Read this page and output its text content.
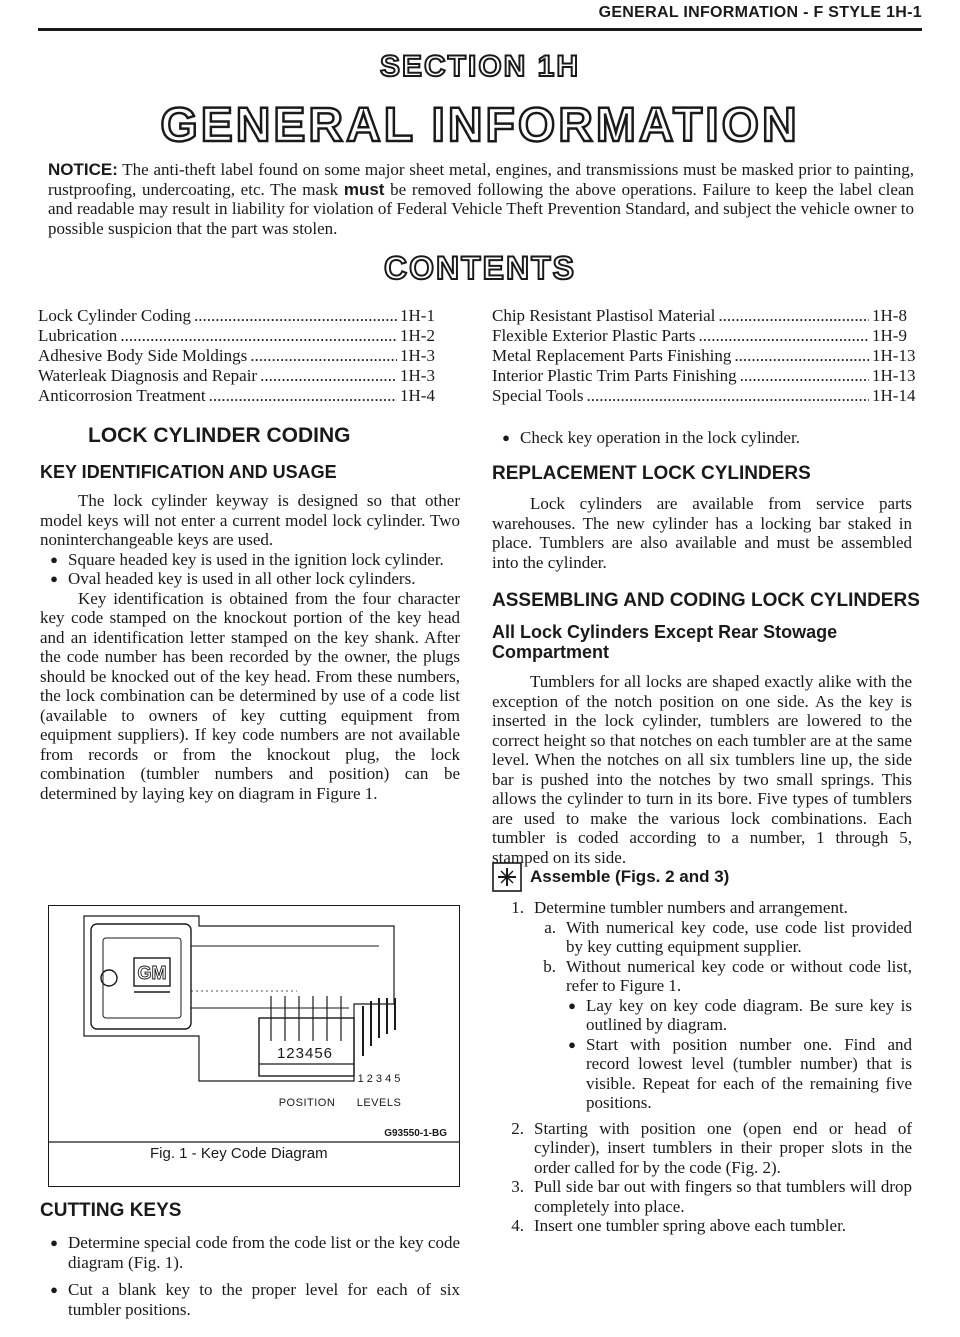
GENERAL INFORMATION - F STYLE 1H-1
SECTION 1H
GENERAL INFORMATION
NOTICE: The anti-theft label found on some major sheet metal, engines, and transmissions must be masked prior to painting, rustproofing, undercoating, etc. The mask must be removed following the above operations. Failure to keep the label clean and readable may result in liability for violation of Federal Vehicle Theft Prevention Standard, and subject the vehicle owner to possible suspicion that the part was stolen.
CONTENTS
Lock Cylinder Coding .....	1H-1
Lubrication .....	1H-2
Adhesive Body Side Moldings .....	1H-3
Waterleak Diagnosis and Repair .....	1H-3
Anticorrosion Treatment .....	1H-4
Chip Resistant Plastisol Material .....	1H-8
Flexible Exterior Plastic Parts .....	1H-9
Metal Replacement Parts Finishing .....	1H-13
Interior Plastic Trim Parts Finishing .....	1H-13
Special Tools .....	1H-14
LOCK CYLINDER CODING
KEY IDENTIFICATION AND USAGE

The lock cylinder keyway is designed so that other model keys will not enter a current model lock cylinder. Two noninterchangeable keys are used.

● Square headed key is used in the ignition lock cylinder.
● Oval headed key is used in all other lock cylinders.

Key identification is obtained from the four character key code stamped on the knockout portion of the key head and an identification letter stamped on the key shank. After the code number has been recorded by the owner, the plugs should be knocked out of the key head. From these numbers, the lock combination can be determined by use of a code list (available to owners of key cutting equipment from equipment suppliers). If key code numbers are not available from records or from the knockout plug, the lock combination (tumbler numbers and position) can be determined by laying key on diagram in Figure 1.

GM
123456
1 2 3 4 5
POSITION LEVELS
G93550-1-BG
Fig. 1 - Key Code Diagram
CUTTING KEYS
● Determine special code from the code list or the key code diagram (Fig. 1).
● Cut a blank key to the proper level for each of six tumbler positions.
● Check key operation in the lock cylinder.
REPLACEMENT LOCK CYLINDERS

Lock cylinders are available from service parts warehouses. The new cylinder has a locking bar staked in place. Tumblers are also available and must be assembled into the cylinder.

ASSEMBLING AND CODING LOCK CYLINDERS
All Lock Cylinders Except Rear Stowage Compartment

Tumblers for all locks are shaped exactly alike with the exception of the notch position on one side. As the key is inserted in the lock cylinder, tumblers are lowered to the correct height so that notches on each tumbler are at the same level. When the notches on all six tumblers line up, the side bar is pushed into the notches by two small springs. This allows the cylinder to turn in its bore. Five types of tumblers are used to make the various lock combinations. Each tumbler is coded according to a number, 1 through 5, stamped on its side.

Assemble (Figs. 2 and 3)
1. Determine tumbler numbers and arrangement.
a. With numerical key code, use code list provided by key cutting equipment supplier.
b. Without numerical key code or without code list, refer to Figure 1.
● Lay key on key code diagram. Be sure key is outlined by diagram.
● Start with position number one. Find and record lowest level (tumbler number) that is visible. Repeat for each of the remaining five positions.
2. Starting with position one (open end or head of cylinder), insert tumblers in their proper slots in the order called for by the code (Fig. 2).
3. Pull side bar out with fingers so that tumblers will drop completely into place.
4. Insert one tumbler spring above each tumbler.
